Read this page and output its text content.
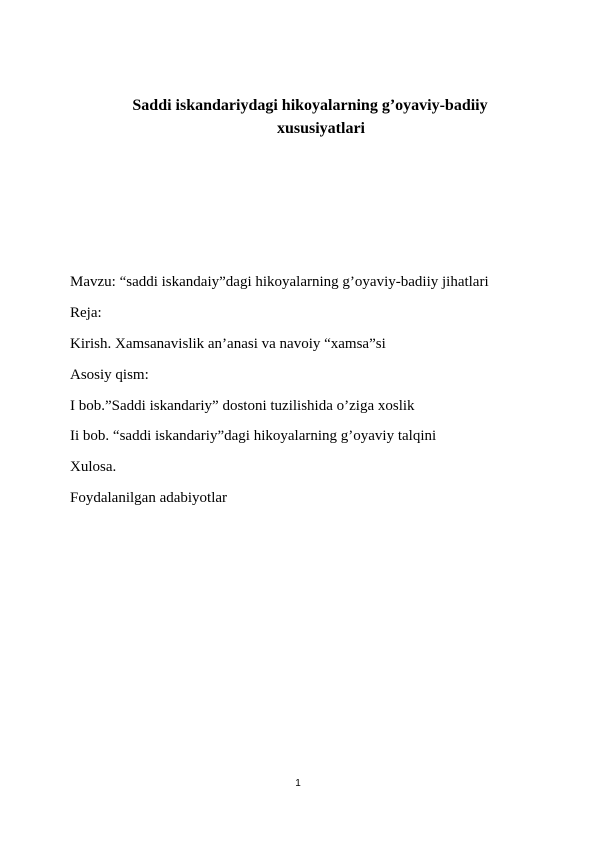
Saddi iskandariydagi hikoyalarning g’oyaviy-badiiy
xususiyatlari
Mavzu: “saddi iskandaiy”dagi hikoyalarning g’oyaviy-badiiy jihatlari
Reja:
Kirish. Xamsanavislik an’anasi va navoiy “xamsa”si
Asosiy qism:
I bob.”Saddi iskandariy” dostoni tuzilishida o’ziga xoslik
Ii bob. “saddi iskandariy”dagi hikoyalarning g’oyaviy talqini
Xulosa.
Foydalanilgan adabiyotlar
1
